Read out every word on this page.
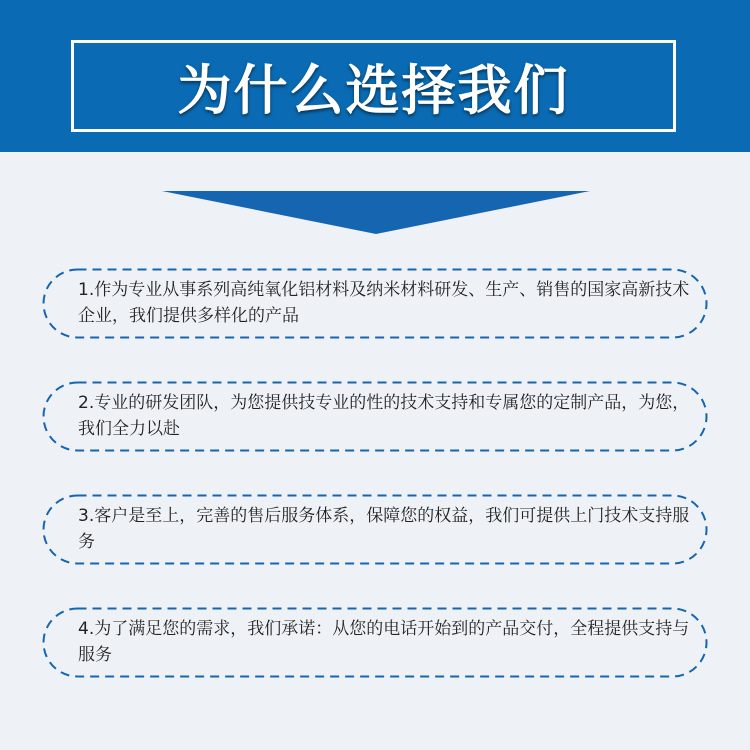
为什么选择我们
1.作为专业从事系列高纯氧化铝材料及纳米材料研发、生产、销售的国家高新技术企业，我们提供多样化的产品
2.专业的研发团队，为您提供技专业的性的技术支持和专属您的定制产品，为您，我们全力以赴
3.客户是至上，完善的售后服务体系，保障您的权益，我们可提供上门技术支持服务
4.为了满足您的需求，我们承诺：从您的电话开始到的产品交付，全程提供支持与服务
